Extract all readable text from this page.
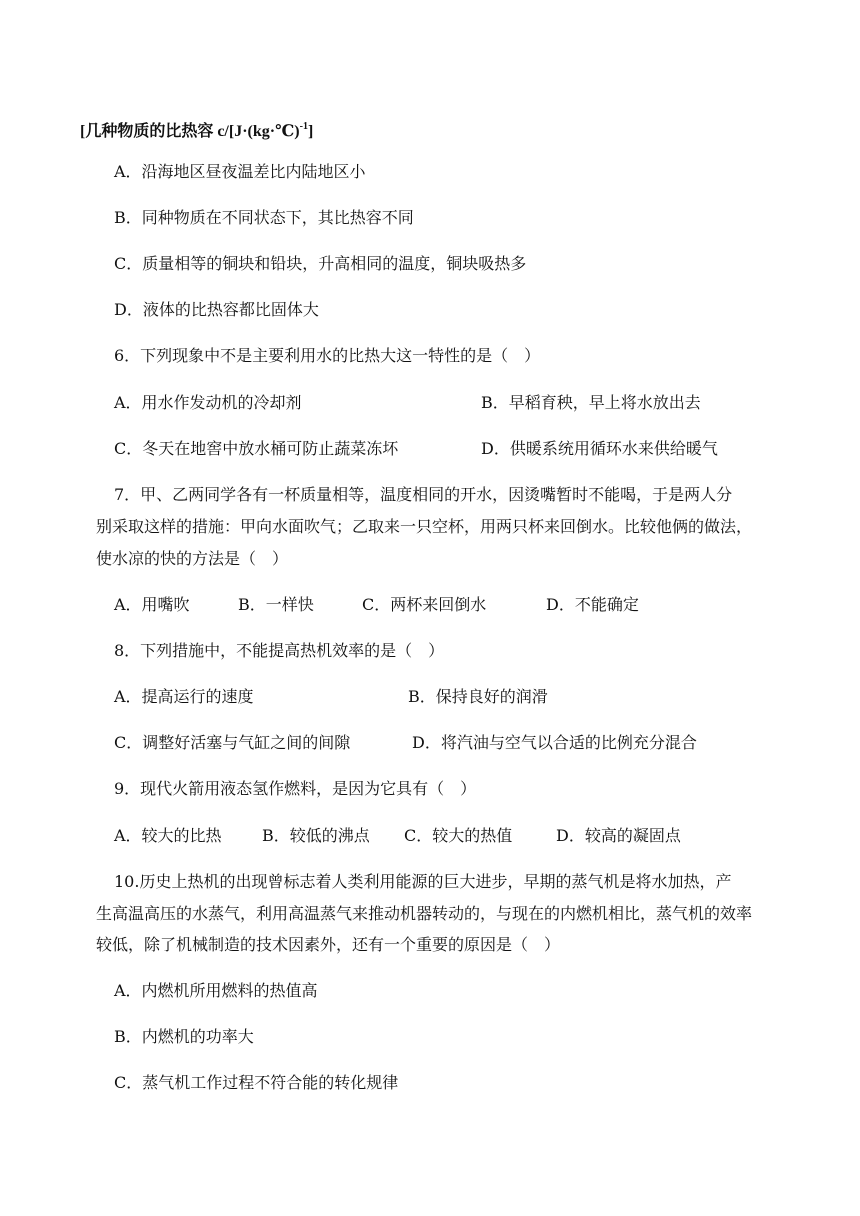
[几种物质的比热容 c/[J·(kg·℃)$^{-1}$]
A．沿海地区昼夜温差比内陆地区小
B．同种物质在不同状态下，其比热容不同
C．质量相等的铜块和铅块，升高相同的温度，铜块吸热多
D．液体的比热容都比固体大
6．下列现象中不是主要利用水的比热大这一特性的是（　）
A．用水作发动机的冷却剂	B．早稻育秧，早上将水放出去
C．冬天在地窖中放水桶可防止蔬菜冻坏	D．供暖系统用循环水来供给暖气
7．甲、乙两同学各有一杯质量相等，温度相同的开水，因烫嘴暂时不能喝，于是两人分
别采取这样的措施：甲向水面吹气；乙取来一只空杯，用两只杯来回倒水。比较他俩的做法，
使水凉的快的方法是（　）
A．用嘴吹	B．一样快	C．两杯来回倒水	D．不能确定
8．下列措施中，不能提高热机效率的是（　）
A．提高运行的速度	B．保持良好的润滑
C．调整好活塞与气缸之间的间隙	D．将汽油与空气以合适的比例充分混合
9．现代火箭用液态氢作燃料，是因为它具有（　）
A．较大的比热	B．较低的沸点 C．较大的热值	D．较高的凝固点
10.历史上热机的出现曾标志着人类利用能源的巨大进步，早期的蒸气机是将水加热，产
生高温高压的水蒸气，利用高温蒸气来推动机器转动的，与现在的内燃机相比，蒸气机的效率
较低，除了机械制造的技术因素外，还有一个重要的原因是（　）
A．内燃机所用燃料的热值高
B．内燃机的功率大
C．蒸气机工作过程不符合能的转化规律
